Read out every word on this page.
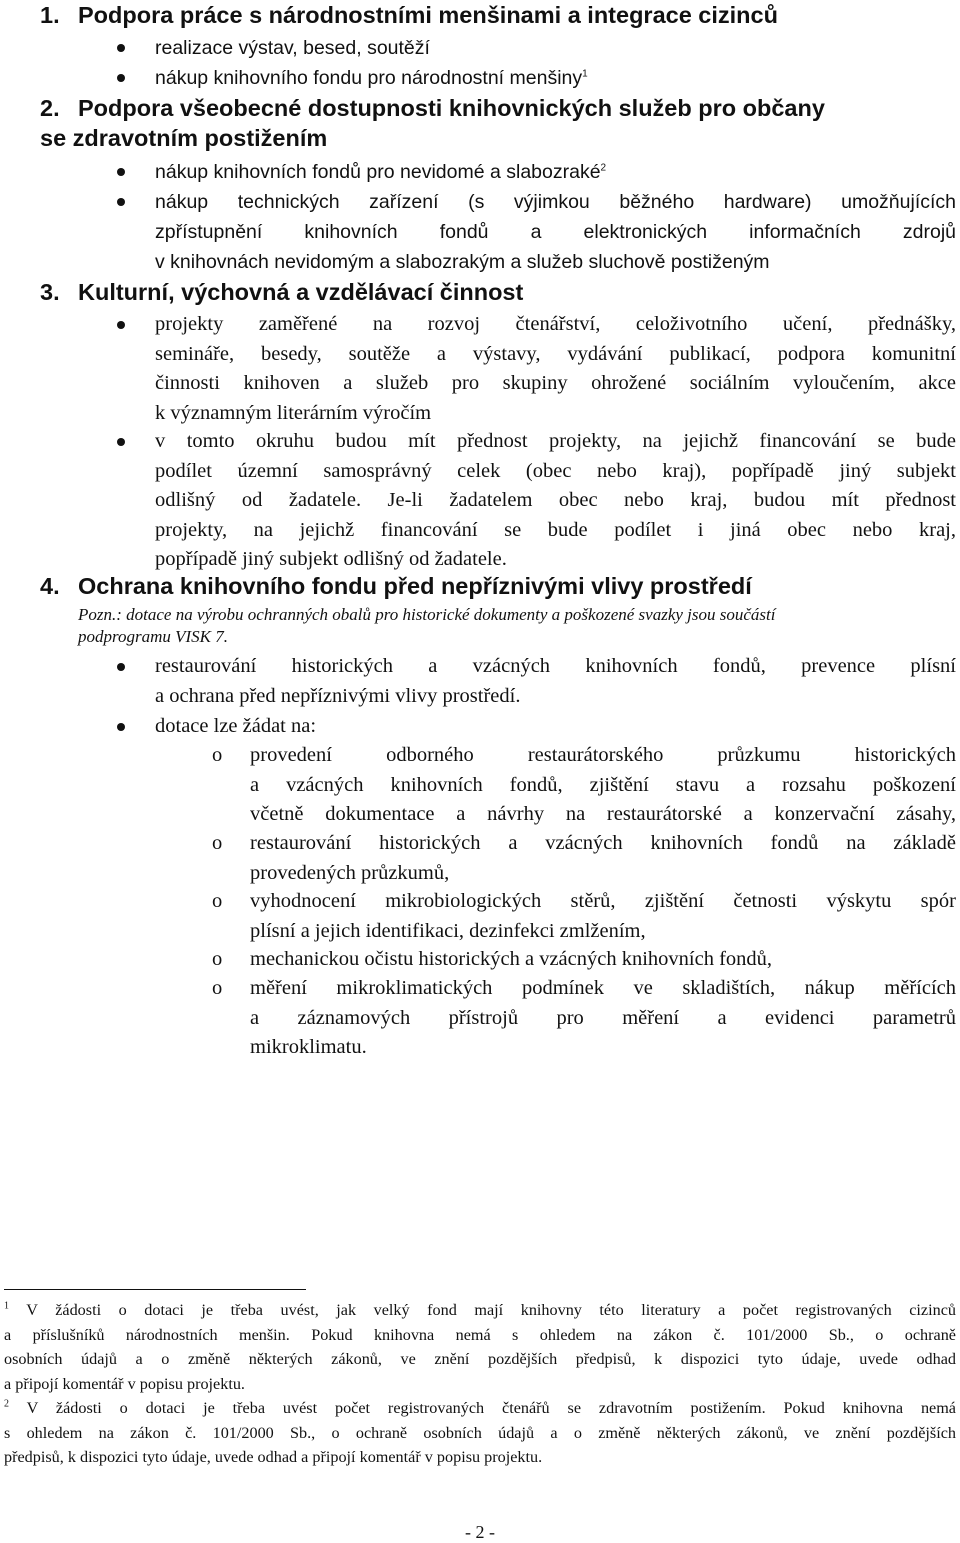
1. Podpora práce s národnostními menšinami a integrace cizinců
realizace výstav, besed, soutěží
nákup knihovního fondu pro národnostní menšiny$^1$
2. Podpora všeobecné dostupnosti knihovnických služeb pro občany
se zdravotním postižením
nákup knihovních fondů pro nevidomé a slabozraké$^2$
nákup technických zařízení (s výjimkou běžného hardware) umožňujících
zpřístupnění knihovních fondů a elektronických informačních zdrojů
v knihovnách nevidomým a slabozrakým a služeb sluchově postiženým
3. Kulturní, výchovná a vzdělávací činnost
projekty zaměřené na rozvoj čtenářství, celoživotního učení, přednášky,
semináře, besedy, soutěže a výstavy, vydávání publikací, podpora komunitní
činnosti knihoven a služeb pro skupiny ohrožené sociálním vyloučením, akce
k významným literárním výročím
v tomto okruhu budou mít přednost projekty, na jejichž financování se bude
podílet územní samosprávný celek (obec nebo kraj), popřípadě jiný subjekt
odlišný od žadatele. Je-li žadatelem obec nebo kraj, budou mít přednost
projekty, na jejichž financování se bude podílet i jiná obec nebo kraj,
popřípadě jiný subjekt odlišný od žadatele.
4. Ochrana knihovního fondu před nepříznivými vlivy prostředí
Pozn.: dotace na výrobu ochranných obalů pro historické dokumenty a poškozené svazky jsou součástí
podprogramu VISK 7.
restaurování historických a vzácných knihovních fondů, prevence plísní
a ochrana před nepříznivými vlivy prostředí.
dotace lze žádat na:
o provedení odborného restaurátorského průzkumu historických
a vzácných knihovních fondů, zjištění stavu a rozsahu poškození
včetně dokumentace a návrhy na restaurátorské a konzervační zásahy,
o restaurování historických a vzácných knihovních fondů na základě
provedených průzkumů,
o vyhodnocení mikrobiologických stěrů, zjištění četnosti výskytu spór
plísní a jejich identifikaci, dezinfekci zmlžením,
o mechanickou očistu historických a vzácných knihovních fondů,
o měření mikroklimatických podmínek ve skladištích, nákup měřících
a záznamových přístrojů pro měření a evidenci parametrů
mikroklimatu.
$^1$ V žádosti o dotaci je třeba uvést, jak velký fond mají knihovny této literatury a počet registrovaných cizinců
a příslušníků národnostních menšin. Pokud knihovna nemá s ohledem na zákon č. 101/2000 Sb., o ochraně
osobních údajů a o změně některých zákonů, ve znění pozdějších předpisů, k dispozici tyto údaje, uvede odhad
a připojí komentář v popisu projektu.
$^2$ V žádosti o dotaci je třeba uvést počet registrovaných čtenářů se zdravotním postižením. Pokud knihovna nemá
s ohledem na zákon č. 101/2000 Sb., o ochraně osobních údajů a o změně některých zákonů, ve znění pozdějších
předpisů, k dispozici tyto údaje, uvede odhad a připojí komentář v popisu projektu.
- 2 -
